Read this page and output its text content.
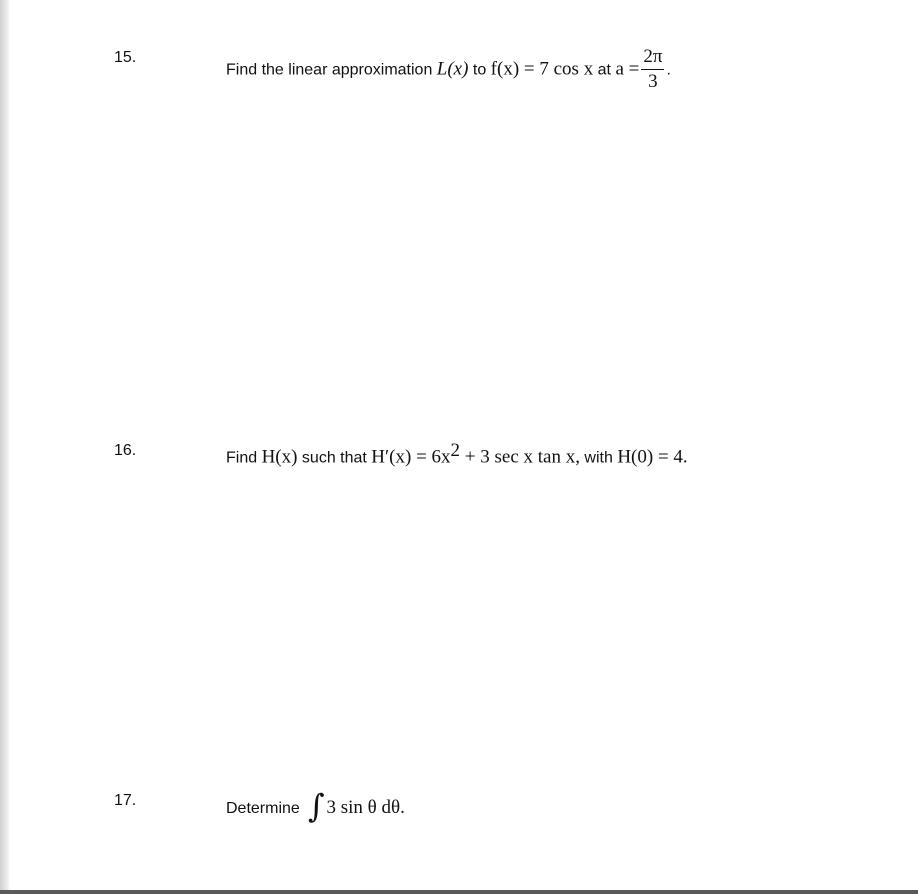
15.
Find the linear approximation L(x) to f(x) = 7 cos x at $a = \frac{2\pi}{3}$ .
16.	Find H(x) such that $H'(x) = 6x^2 + 3$ sec x tan x, with H(0) = 4.
17.	Determine ∫ 3 sin θ dθ.
